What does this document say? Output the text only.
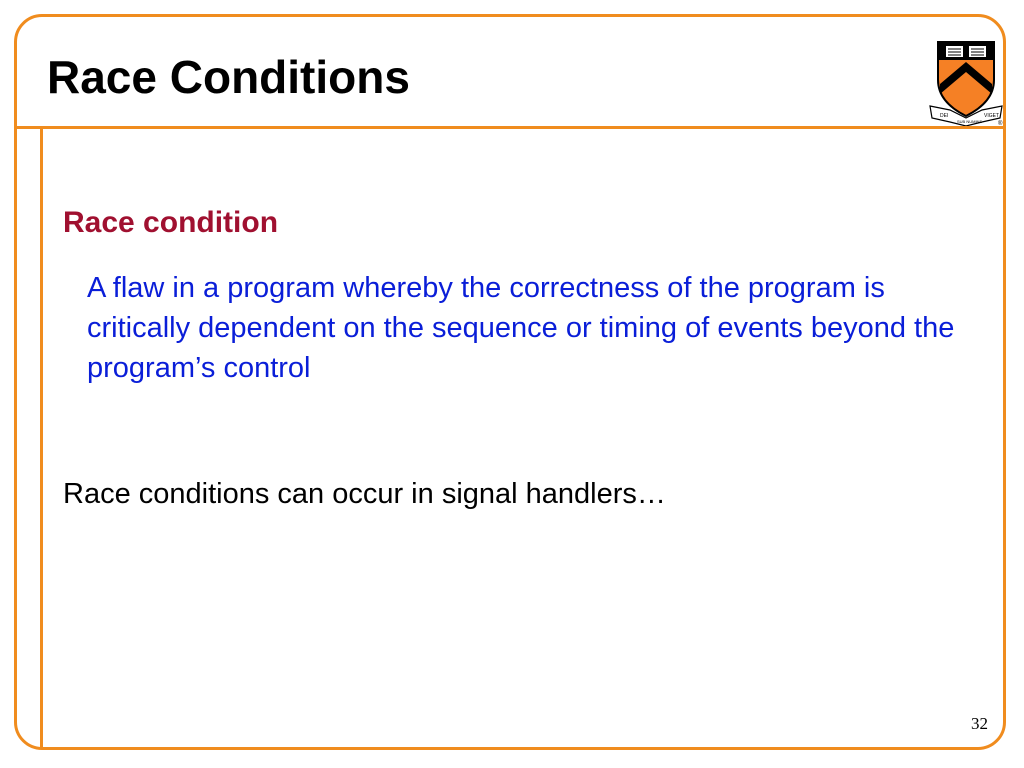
Race Conditions
DEI
SUB NUMINE
VIGET
®
Race condition
A flaw in a program whereby the correctness of the program is critically dependent on the sequence or timing of events beyond the program’s control
Race conditions can occur in signal handlers…
32
